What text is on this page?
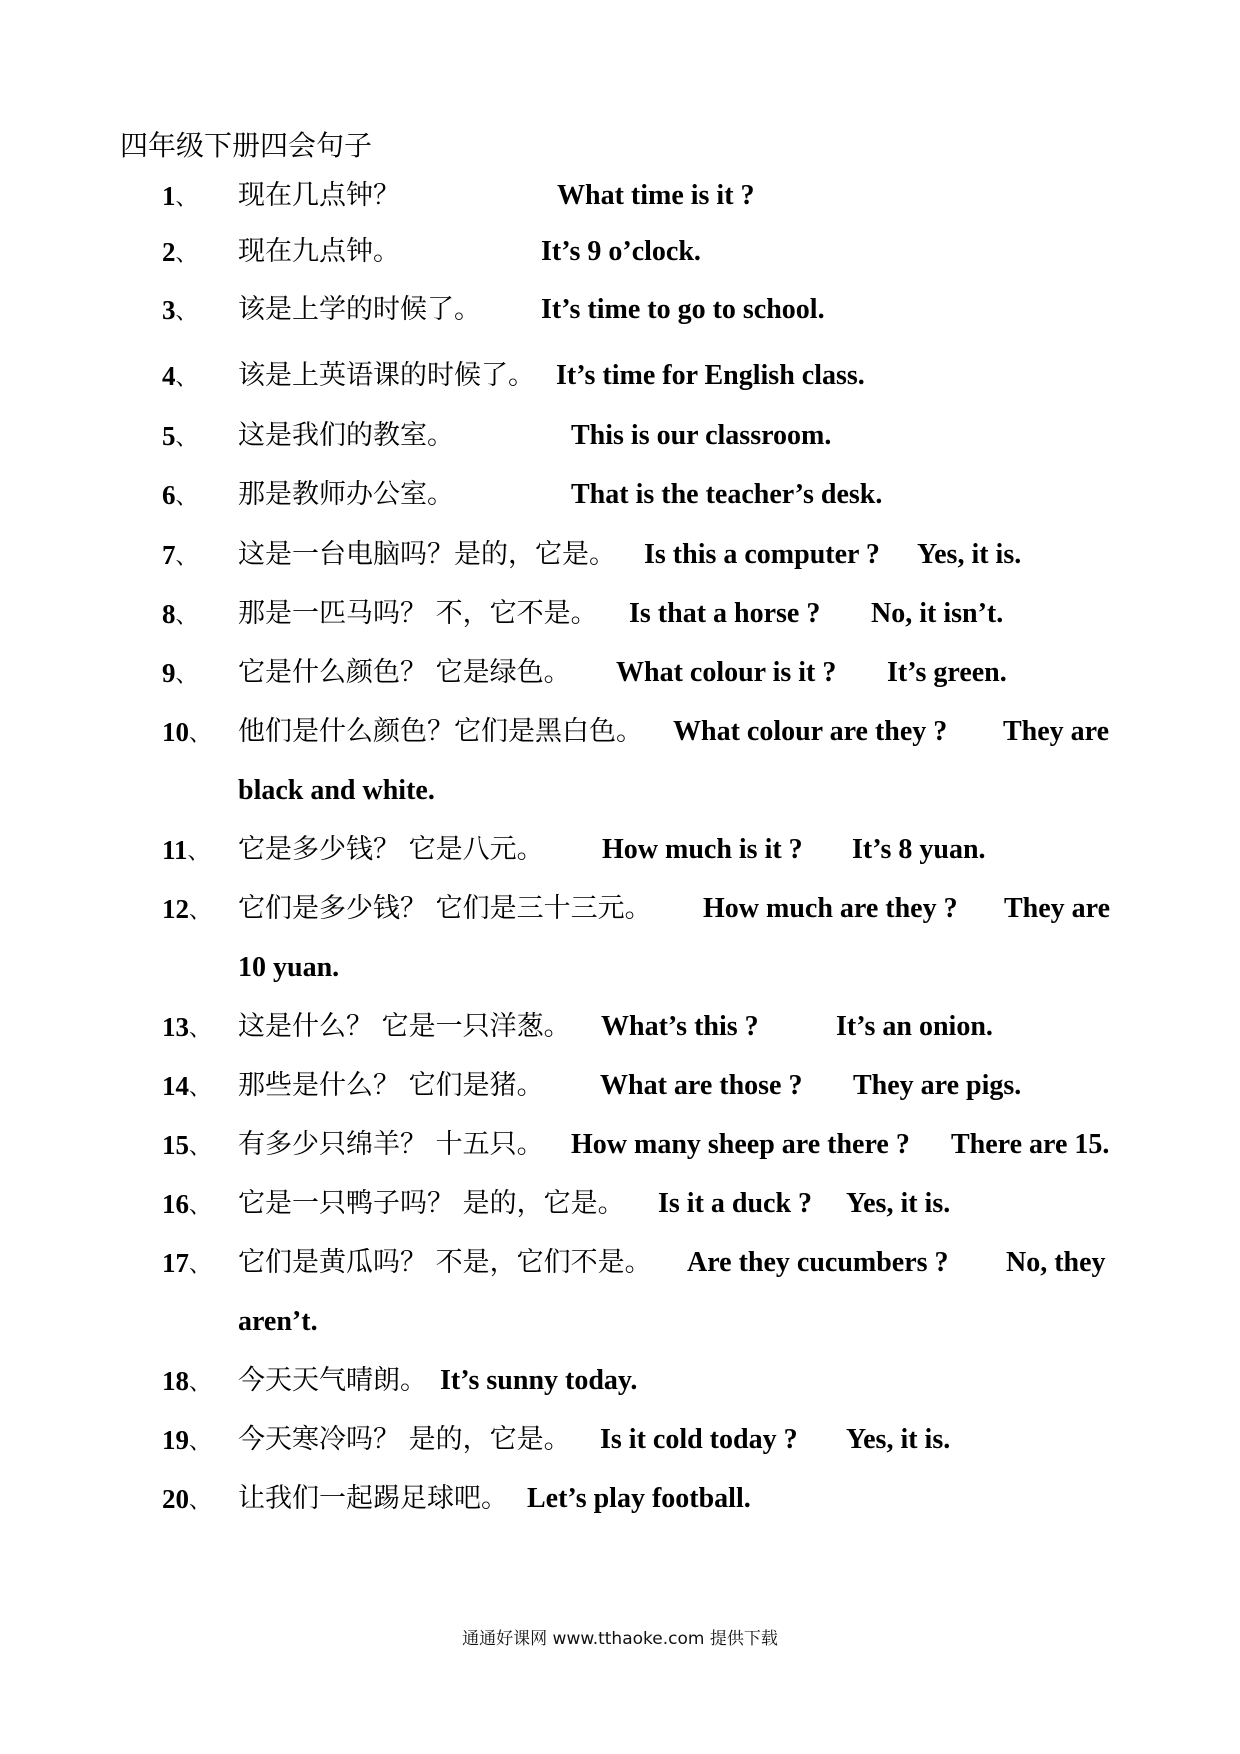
四年级下册四会句子
1、 现在几点钟？	What time is it ?
2、 现在九点钟。	It’s 9 o’clock.
3、 该是上学的时候了。 It’s time to go to school.
4、 该是上英语课的时候了。 It’s time for English class.
5、 这是我们的教室。	This is our classroom.
6、 那是教师办公室。	That is the teacher’s desk.
7、 这是一台电脑吗？是的，它是。 Is this a computer ? Yes, it is.
8、 那是一匹马吗？ 不，它不是。 Is that a horse ? No, it isn’t.
9、 它是什么颜色？ 它是绿色。 What colour is it ? It’s green.
10、 他们是什么颜色？它们是黑白色。 What colour are they ? They are
black and white.
11、 它是多少钱？ 它是八元。 How much is it ? It’s 8 yuan.
12、 它们是多少钱？ 它们是三十三元。 How much are they ? They are
10 yuan.
13、 这是什么？ 它是一只洋葱。 What’s this ?	It’s an onion.
14、 那些是什么？ 它们是猪。 What are those ? They are pigs.
15、 有多少只绵羊？ 十五只。 How many sheep are there ? There are 15.
16、 它是一只鸭子吗？ 是的，它是。 Is it a duck ? Yes, it is.
17、 它们是黄瓜吗？ 不是，它们不是。 Are they cucumbers ? No, they
aren’t.
18、 今天天气晴朗。 It’s sunny today.
19、 今天寒冷吗？ 是的，它是。 Is it cold today ? Yes, it is.
20、 让我们一起踢足球吧。 Let’s play football.
通通好课网 www.tthaoke.com 提供下载
